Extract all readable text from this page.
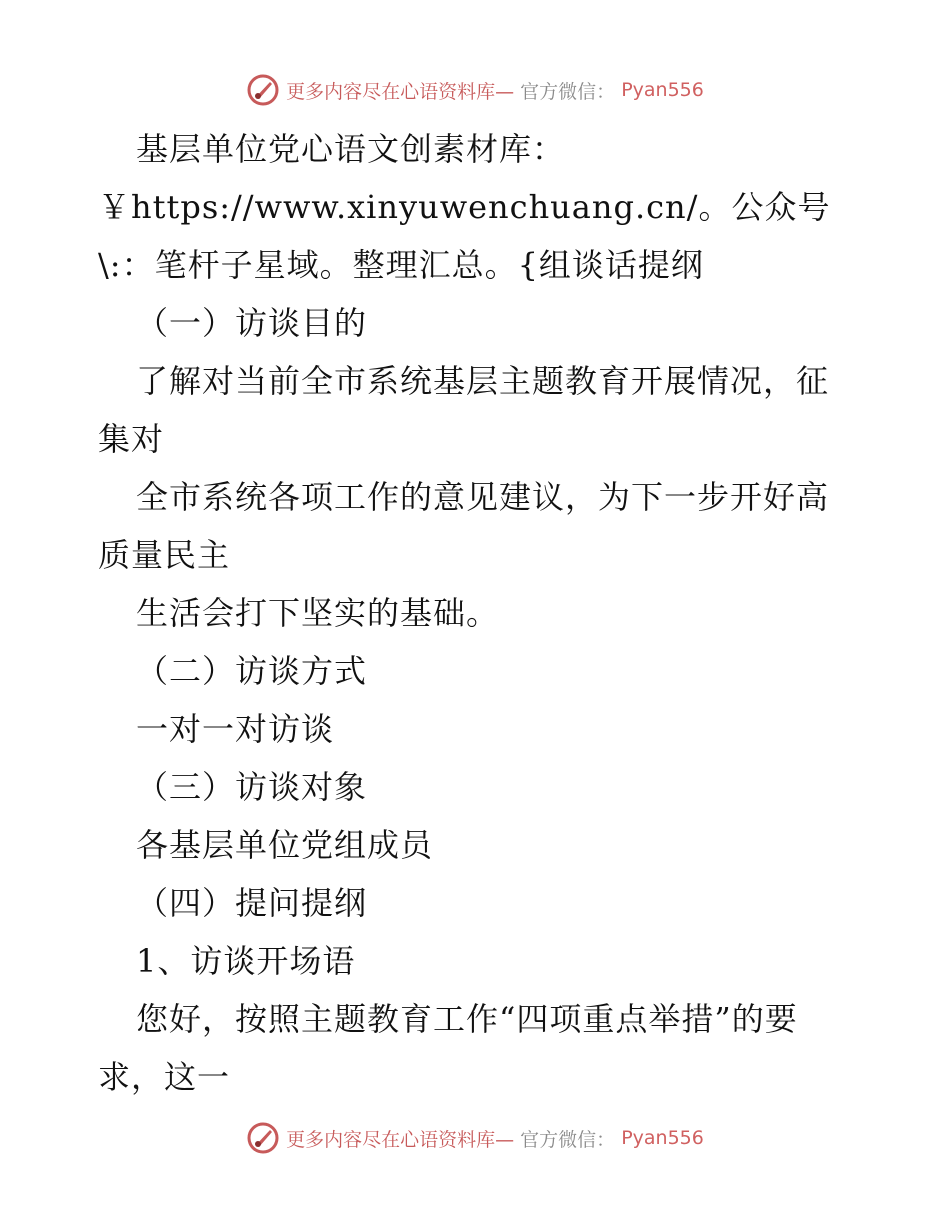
更多内容尽在心语资料库— 官方微信： Pyan556

基层单位党心语文创素材库：￥https://www.xinyuwenchuang.cn/。公众号\:：笔杆子星域。整理汇总。{组谈话提纲

（一）访谈目的

了解对当前全市系统基层主题教育开展情况，征集对

全市系统各项工作的意见建议，为下一步开好高质量民主

生活会打下坚实的基础。

（二）访谈方式

一对一对访谈

（三）访谈对象

各基层单位党组成员

（四）提问提纲

1、访谈开场语

您好，按照主题教育工作“四项重点举措”的要求，这一

更多内容尽在心语资料库— 官方微信： Pyan556
